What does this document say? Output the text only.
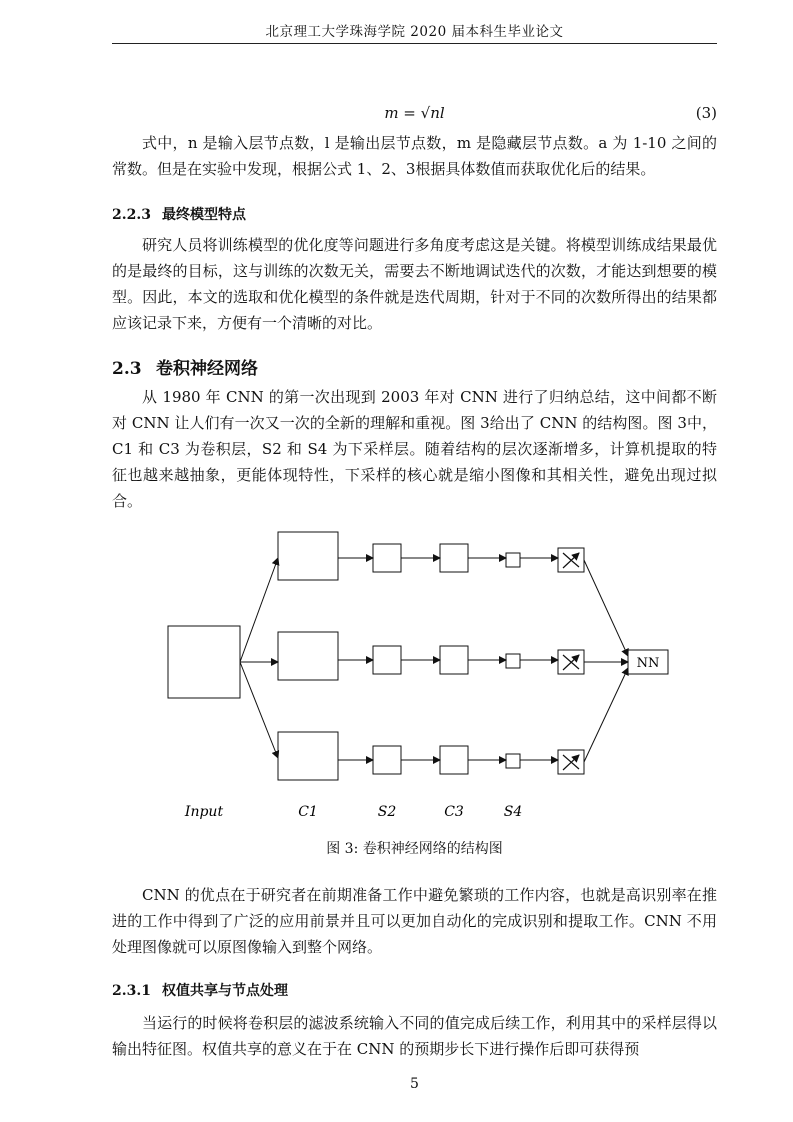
北京理工大学珠海学院 2020 届本科生毕业论文
m = √nl	(3)

式中，n 是输入层节点数，l 是输出层节点数，m 是隐藏层节点数。a 为 1-10 之间的常数。但是在实验中发现，根据公式 1、2、3根据具体数值而获取优化后的结果。

2.2.3 最终模型特点

研究人员将训练模型的优化度等问题进行多角度考虑这是关键。将模型训练成结果最优的是最终的目标，这与训练的次数无关，需要去不断地调试迭代的次数，才能达到想要的模型。因此，本文的选取和优化模型的条件就是迭代周期，针对于不同的次数所得出的结果都应该记录下来，方便有一个清晰的对比。

2.3 卷积神经网络

从 1980 年 CNN 的第一次出现到 2003 年对 CNN 进行了归纳总结，这中间都不断对 CNN 让人们有一次又一次的全新的理解和重视。图 3给出了 CNN 的结构图。图 3中，C1 和 C3 为卷积层，S2 和 S4 为下采样层。随着结构的层次逐渐增多，计算机提取的特征也越来越抽象，更能体现特性，下采样的核心就是缩小图像和其相关性，避免出现过拟合。

NN
Input	C1	S2	C3	S4
图 3: 卷积神经网络的结构图

CNN 的优点在于研究者在前期准备工作中避免繁琐的工作内容，也就是高识别率在推进的工作中得到了广泛的应用前景并且可以更加自动化的完成识别和提取工作。CNN 不用处理图像就可以原图像输入到整个网络。

2.3.1 权值共享与节点处理

当运行的时候将卷积层的滤波系统输入不同的值完成后续工作，利用其中的采样层得以输出特征图。权值共享的意义在于在 CNN 的预期步长下进行操作后即可获得预

5
